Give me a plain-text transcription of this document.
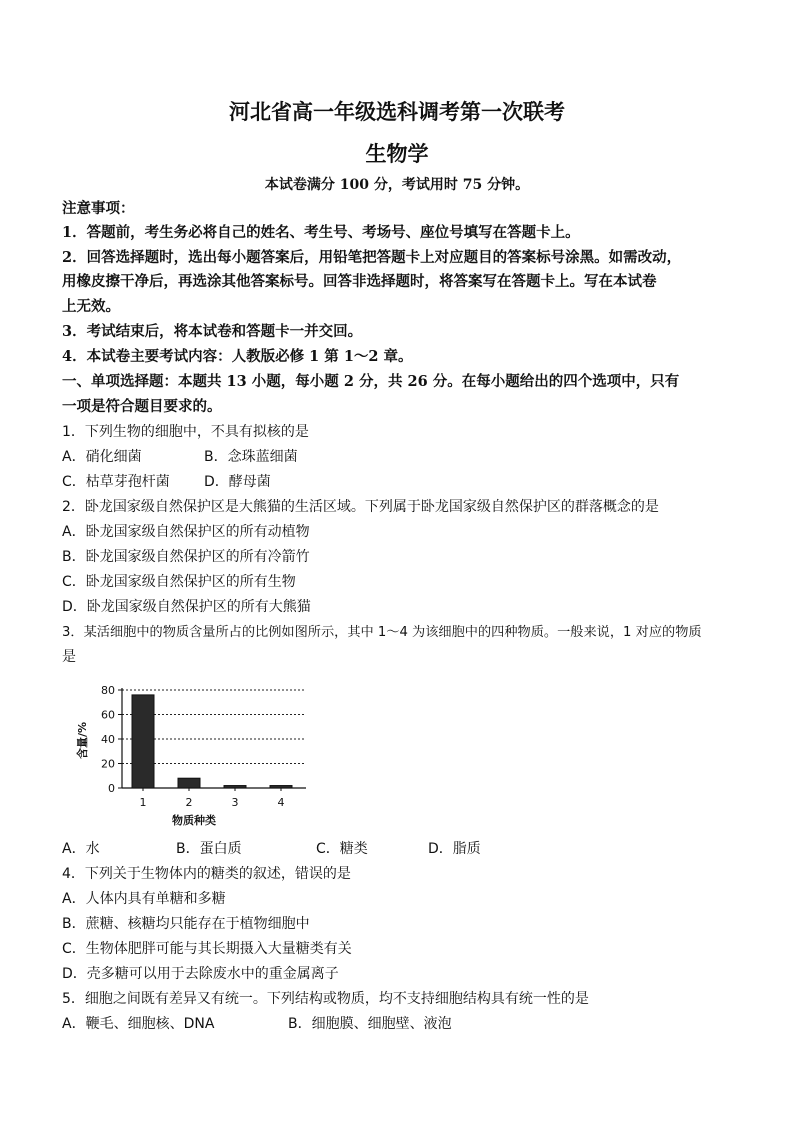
河北省高一年级选科调考第一次联考
生物学
本试卷满分 100 分，考试用时 75 分钟。
注意事项：
1．答题前，考生务必将自己的姓名、考生号、考场号、座位号填写在答题卡上。
2．回答选择题时，选出每小题答案后，用铅笔把答题卡上对应题目的答案标号涂黑。如需改动，
用橡皮擦干净后，再选涂其他答案标号。回答非选择题时，将答案写在答题卡上。写在本试卷
上无效。
3．考试结束后，将本试卷和答题卡一并交回。
4．本试卷主要考试内容：人教版必修 1 第 1～2 章。
一、单项选择题：本题共 13 小题，每小题 2 分，共 26 分。在每小题给出的四个选项中，只有
一项是符合题目要求的。
1．下列生物的细胞中，不具有拟核的是
A．硝化细菌	B．念珠蓝细菌
C．枯草芽孢杆菌 D．酵母菌
2．卧龙国家级自然保护区是大熊猫的生活区域。下列属于卧龙国家级自然保护区的群落概念的是
A．卧龙国家级自然保护区的所有动植物
B．卧龙国家级自然保护区的所有冷箭竹
C．卧龙国家级自然保护区的所有生物
D．卧龙国家级自然保护区的所有大熊猫
3．某活细胞中的物质含量所占的比例如图所示，其中 1～4 为该细胞中的四种物质。一般来说，1 对应的物质
是
0
20
40
60
80
1	2	3	4
含量/%
物质种类
A．水	B．蛋白质	C．糖类	D．脂质
4．下列关于生物体内的糖类的叙述，错误的是
A．人体内具有单糖和多糖
B．蔗糖、核糖均只能存在于植物细胞中
C．生物体肥胖可能与其长期摄入大量糖类有关
D．壳多糖可以用于去除废水中的重金属离子
5．细胞之间既有差异又有统一。下列结构或物质，均不支持细胞结构具有统一性的是
A．鞭毛、细胞核、DNA	B．细胞膜、细胞壁、液泡
